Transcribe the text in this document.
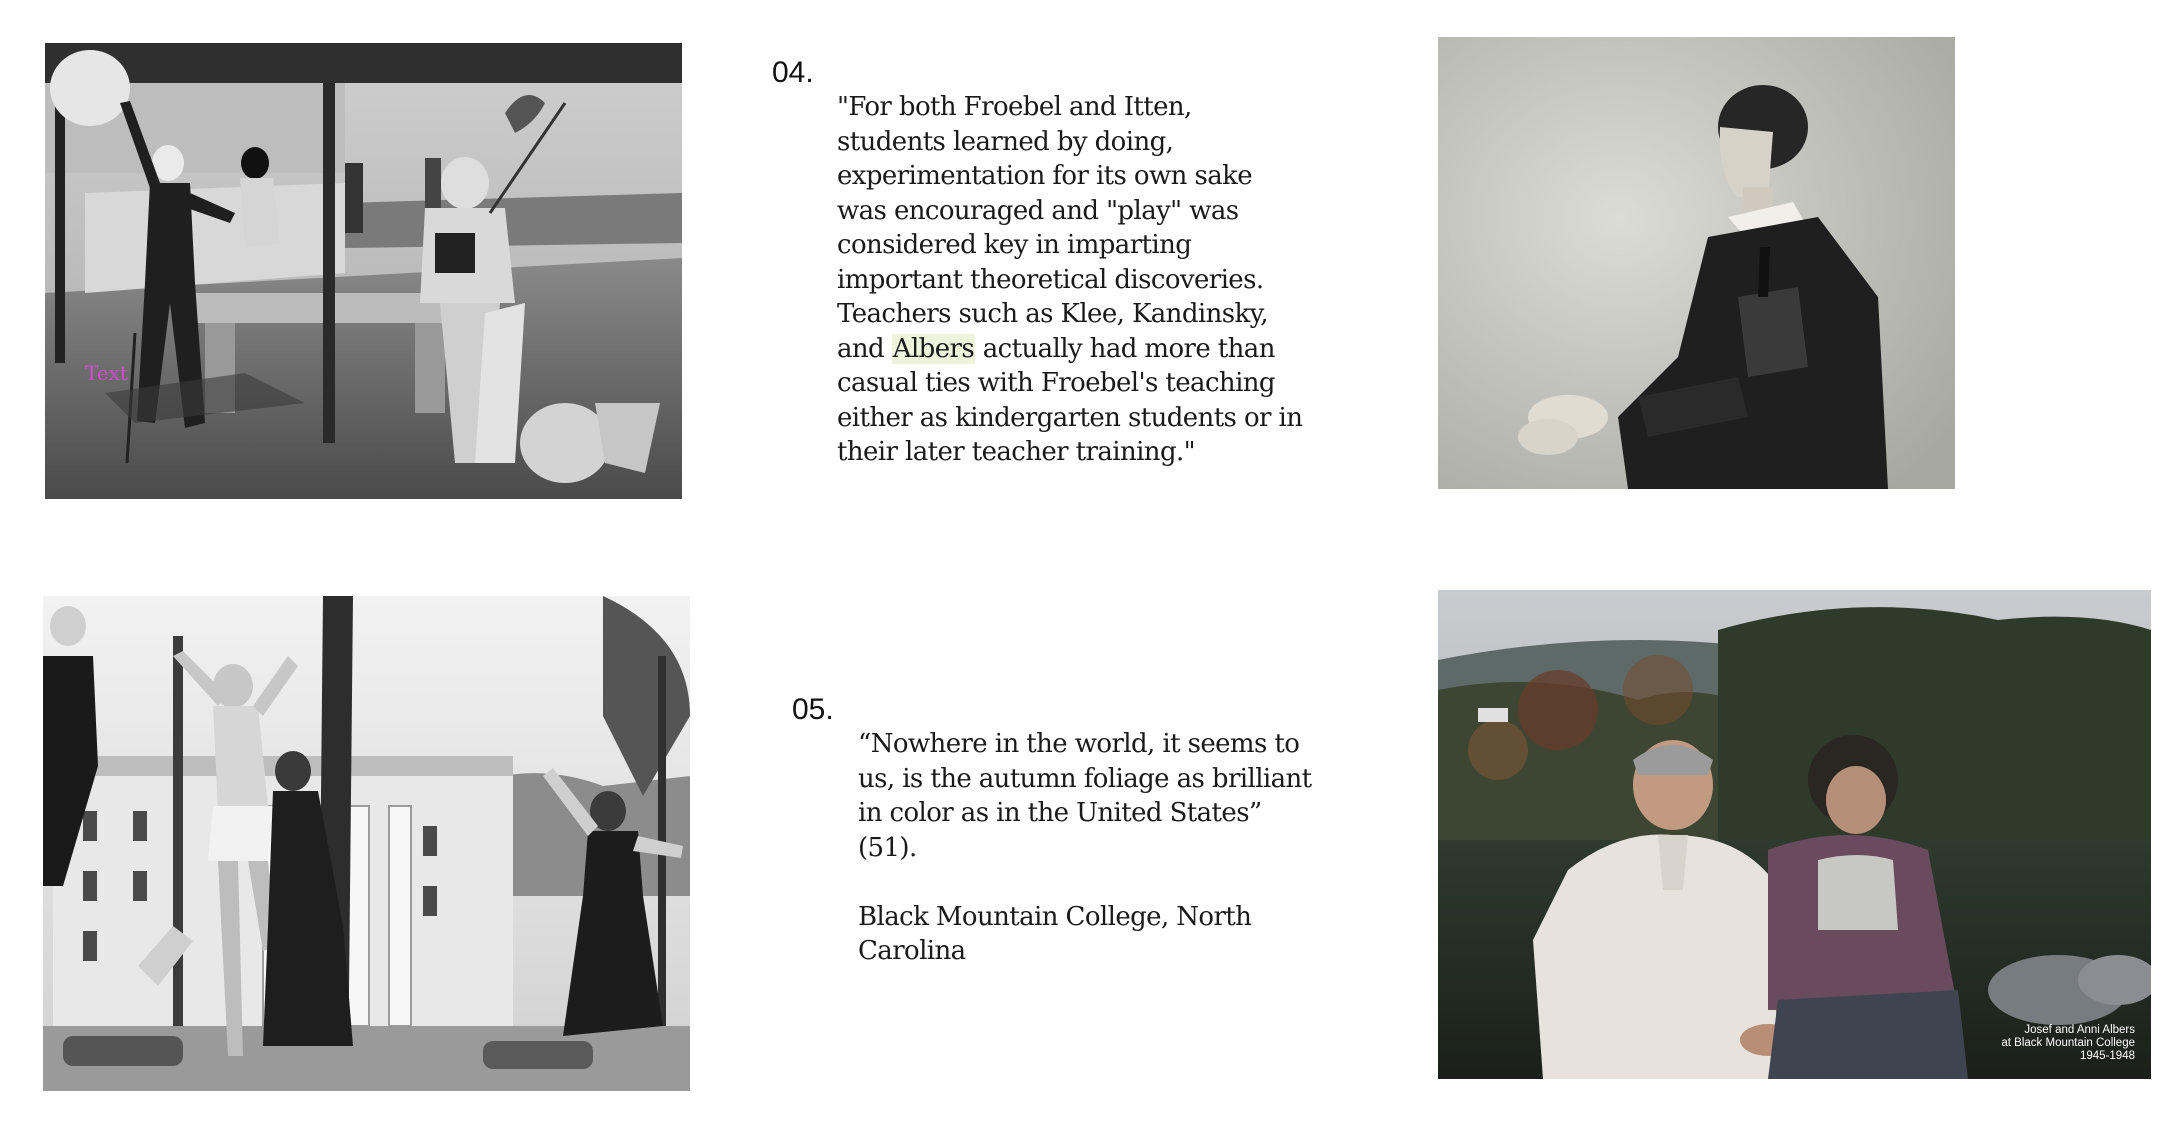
Text
04.
"For both Froebel and Itten,
students learned by doing,
experimentation for its own sake
was encouraged and "play" was
considered key in imparting
important theoretical discoveries.
Teachers such as Klee, Kandinsky,
and Albers actually had more than
casual ties with Froebel's teaching
either as kindergarten students or in
their later teacher training."
05.
“Nowhere in the world, it seems to
us, is the autumn foliage as brilliant
in color as in the United States”
(51).
Black Mountain College, North
Carolina
Josef and Anni Albers
at Black Mountain College
1945-1948
